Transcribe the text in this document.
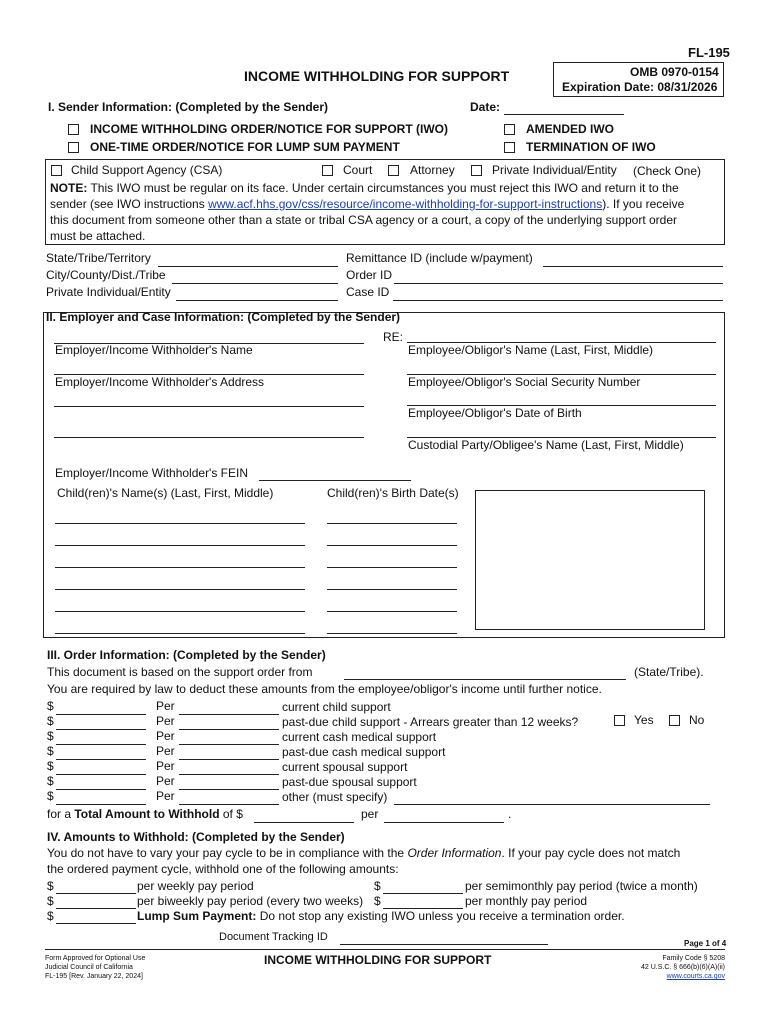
FL-195
INCOME WITHHOLDING FOR SUPPORT	OMB 0970-0154
Expiration Date: 08/31/2026
I. Sender Information: (Completed by the Sender)	Date:
INCOME WITHHOLDING ORDER/NOTICE FOR SUPPORT (IWO)
ONE-TIME ORDER/NOTICE FOR LUMP SUM PAYMENT
AMENDED IWO
TERMINATION OF IWO
Child Support Agency (CSA)	Court	Attorney	Private Individual/Entity (Check One)
NOTE: This IWO must be regular on its face. Under certain circumstances you must reject this IWO and return it to the
sender (see IWO instructions www.acf.hhs.gov/css/resource/income-withholding-for-support-instructions). If you receive
this document from someone other than a state or tribal CSA agency or a court, a copy of the underlying support order
must be attached.
State/Tribe/Territory
City/County/Dist./Tribe
Private Individual/Entity
Remittance ID (include w/payment)
Order ID
Case ID
II. Employer and Case Information: (Completed by the Sender)
Employer/Income Withholder's Name
RE:
Employee/Obligor's Name (Last, First, Middle)
Employer/Income Withholder's Address	Employee/Obligor's Social Security Number
Employee/Obligor's Date of Birth
Custodial Party/Obligee's Name (Last, First, Middle)
Employer/Income Withholder's FEIN
Child(ren)'s Name(s) (Last, First, Middle)	Child(ren)'s Birth Date(s)
III. Order Information: (Completed by the Sender)
This document is based on the support order from	(State/Tribe).
You are required by law to deduct these amounts from the employee/obligor's income until further notice.
$	Per	current child support
$	Per	past-due child support - Arrears greater than 12 weeks?	Yes	No
$	Per	current cash medical support
$	Per	past-due cash medical support
$	Per	current spousal support
$	Per	past-due spousal support
$	Per	other (must specify)
for a Total Amount to Withhold of $	per	.
IV. Amounts to Withhold: (Completed by the Sender)
You do not have to vary your pay cycle to be in compliance with the Order Information. If your pay cycle does not match
the ordered payment cycle, withhold one of the following amounts:
$	per weekly pay period	$	per semimonthly pay period (twice a month)
$	per biweekly pay period (every two weeks) $	per monthly pay period
$	Lump Sum Payment: Do not stop any existing IWO unless you receive a termination order.
Document Tracking ID
Page 1 of 4
Form Approved for Optional Use
Judicial Council of California
FL-195 [Rev. January 22, 2024]
INCOME WITHHOLDING FOR SUPPORT	Family Code § 5208
42 U.S.C. § 666(b)(6)(A)(ii)
www.courts.ca.gov
